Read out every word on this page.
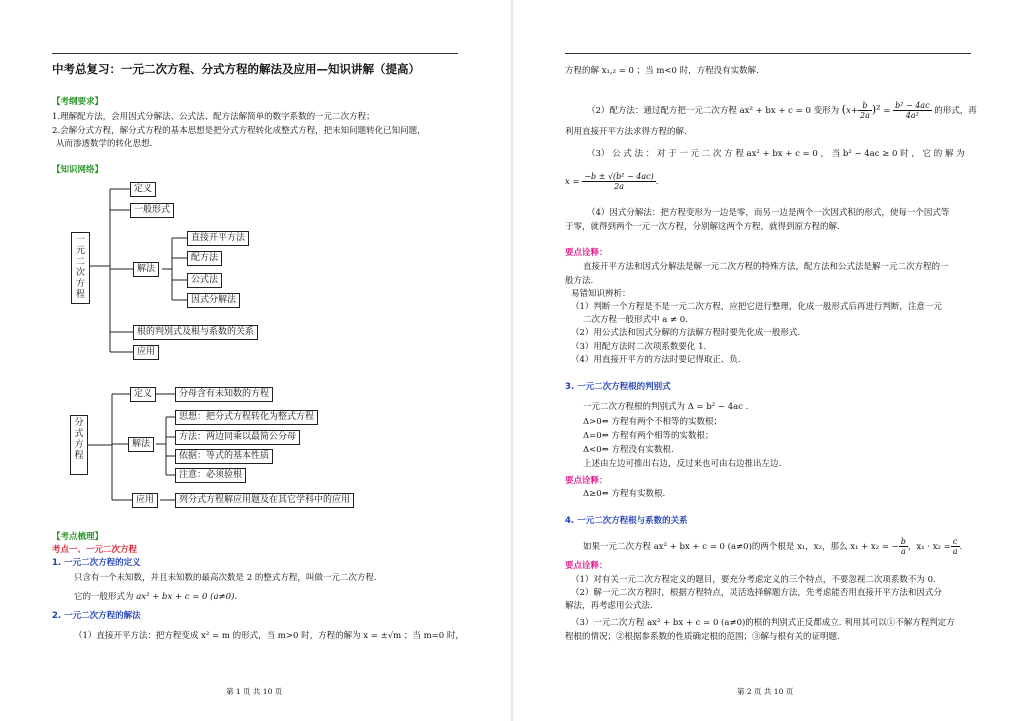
中考总复习：一元二次方程、分式方程的解法及应用—知识讲解（提高）
【考纲要求】
1.理解配方法，会用因式分解法、公式法、配方法解简单的数字系数的一元二次方程；
2.会解分式方程，解分式方程的基本思想是把分式方程转化成整式方程，把未知问题转化已知问题，
从而渗透数学的转化思想.
【知识网络】
一元二次方程
定义
一般形式
解法
直接开平方法
配方法
公式法
因式分解法
根的判别式及根与系数的关系
应用
分式方程
定义	分母含有未知数的方程
解法
思想：把分式方程转化为整式方程
方法：两边同乘以最简公分母
依据：等式的基本性质
注意：必须验根
应用	列分式方程解应用题及在其它学科中的应用
【考点梳理】
考点一、一元二次方程
1. 一元二次方程的定义
只含有一个未知数，并且未知数的最高次数是 2 的整式方程，叫做一元二次方程.
它的一般形式为 ax² + bx + c = 0 (a≠0).
2. 一元二次方程的解法
（1）直接开平方法：把方程变成 x² = m 的形式，当 m>0 时，方程的解为 x = ±√m ；当 m=0 时，
第 1 页 共 10 页
方程的解 x₁,₂ = 0 ；当 m<0 时，方程没有实数解.
（2）配方法：通过配方把一元二次方程 ax² + bx + c = 0 变形为 $(x+ \frac{b}{2a} )^2 = \frac{\text{b² − 4ac}}{\text{4a²}}$ 的形式，再
利用直接开平方法求得方程的解.
（3） 公 式 法 ： 对 于 一 元 二 次 方 程 ax² + bx + c = 0 ， 当 b² − 4ac ≥ 0 时 ， 它 的 解 为
$x = \frac{\text{−b ± √(b² − 4ac)}}{2a}$ .
（4）因式分解法：把方程变形为一边是零，而另一边是两个一次因式积的形式，使每一个因式等
于零，就得到两个一元一次方程，分别解这两个方程，就得到原方程的解.
要点诠释：
直接开平方法和因式分解法是解一元二次方程的特殊方法，配方法和公式法是解一元二次方程的一
般方法.
易错知识辨析：
（1）判断一个方程是不是一元二次方程，应把它进行整理，化成一般形式后再进行判断，注意一元
二次方程一般形式中 a ≠ 0.
（2）用公式法和因式分解的方法解方程时要先化成一般形式.
（3）用配方法时二次项系数要化 1.
（4）用直接开平方的方法时要记得取正、负.
3. 一元二次方程根的判别式
一元二次方程根的判别式为 Δ = b² − 4ac .
Δ>0⇔ 方程有两个不相等的实数根；
Δ=0⇔ 方程有两个相等的实数根；
Δ<0⇔ 方程没有实数根.
上述由左边可推出右边，反过来也可由右边推出左边.
要点诠释：
Δ≥0⇔ 方程有实数根.
4. 一元二次方程根与系数的关系
如果一元二次方程 ax² + bx + c = 0 (a≠0)的两个根是 x₁，x₂，那么 x₁ + x₂ = − $\frac{b}{a}$ ，$x_1 \cdot x_2 = \frac{c}{a}$ .
要点诠释：
（1）对有关一元二次方程定义的题目，要充分考虑定义的三个特点，不要忽视二次项系数不为 0.
（2）解一元二次方程时，根据方程特点，灵活选择解题方法，先考虑能否用直接开平方法和因式分
解法，再考虑用公式法.
（3）一元二次方程 ax² + bx + c = 0 (a≠0)的根的判别式正反都成立. 利用其可以①不解方程判定方
程根的情况；②根据参系数的性质确定根的范围；③解与根有关的证明题.
第 2 页 共 10 页
